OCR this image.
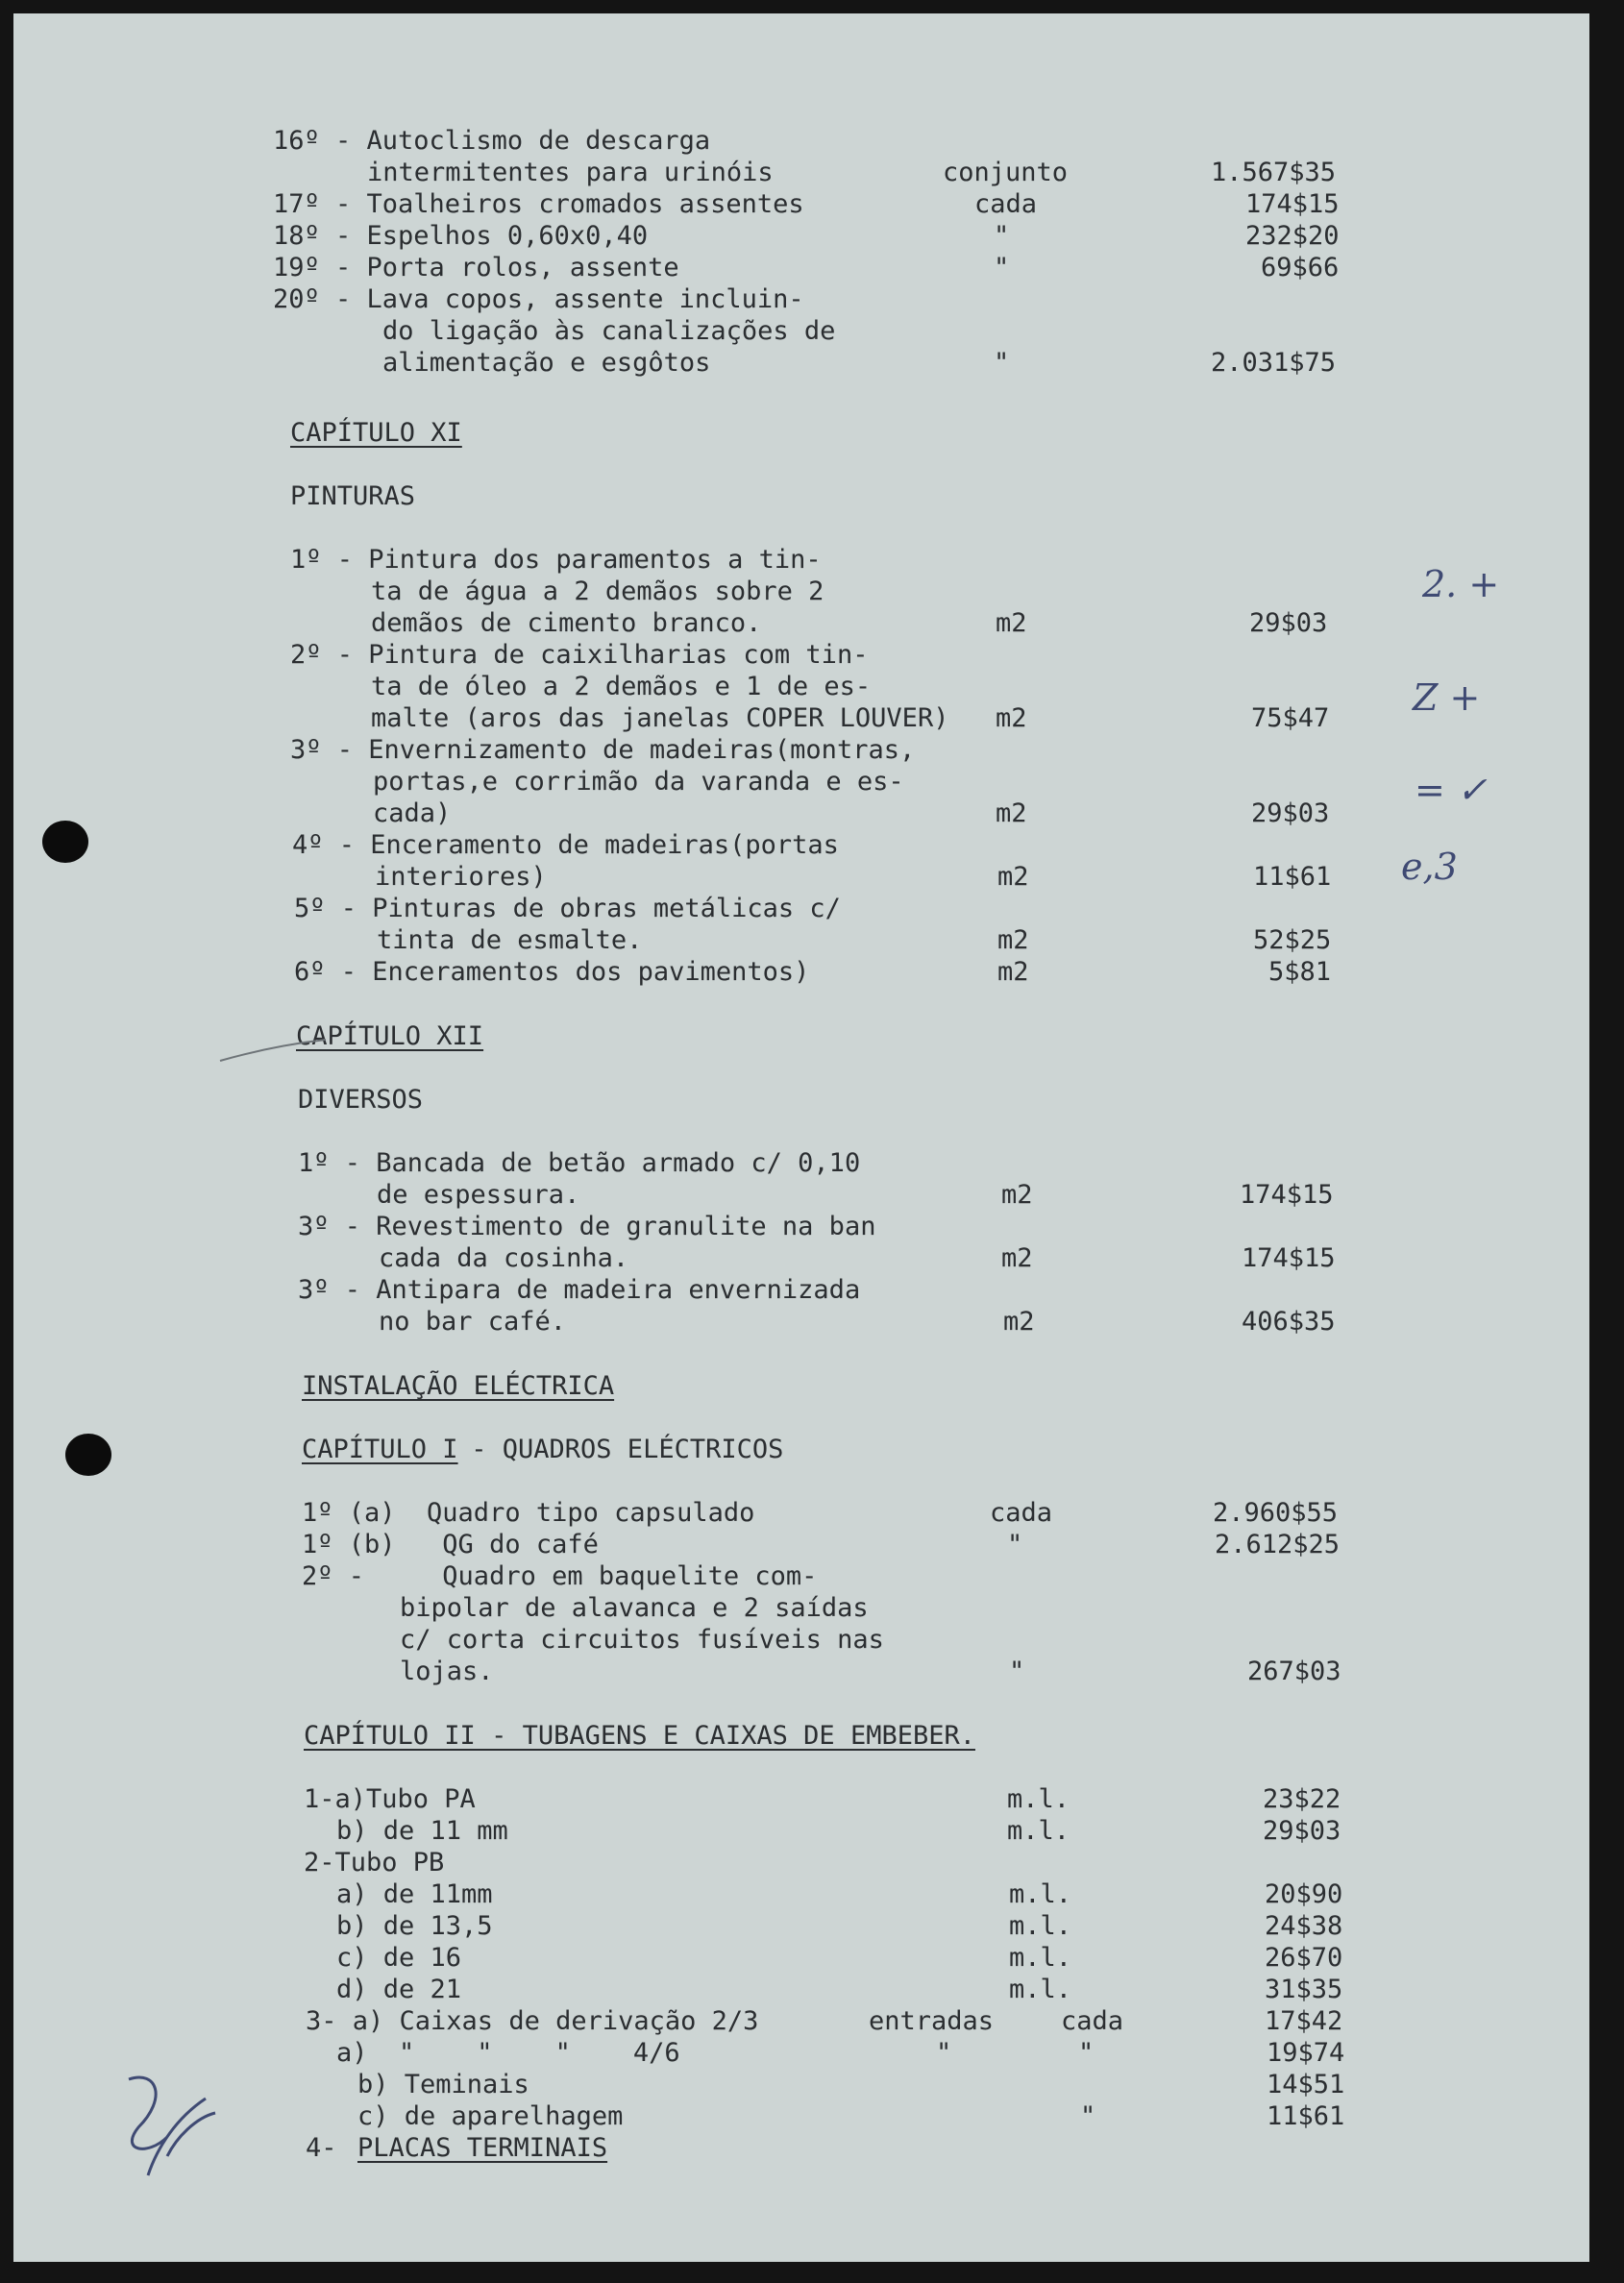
16º - Autoclismo de descarga
intermitentes para urinóis	conjunto	1.567$35
17º - Toalheiros cromados assentes	cada	174$15
18º - Espelhos 0,60x0,40	"	232$20
19º - Porta rolos, assente	"	69$66
20º - Lava copos, assente incluin-
do ligação às canalizações de
alimentação e esgôtos	"	2.031$75
CAPÍTULO XI
PINTURAS
1º - Pintura dos paramentos a tin-
ta de água a 2 demãos sobre 2
demãos de cimento branco.	m2	29$03
2º - Pintura de caixilharias com tin-
ta de óleo a 2 demãos e 1 de es-
malte (aros das janelas COPER LOUVER) m2	75$47
3º - Envernizamento de madeiras(montras,
portas,e corrimão da varanda e es-
cada)	m2	29$03
4º - Enceramento de madeiras(portas
interiores)	m2	11$61
5º - Pinturas de obras metálicas c/
tinta de esmalte.	m2	52$25
6º - Enceramentos dos pavimentos)	m2	5$81
CAPÍTULO XII
DIVERSOS
1º - Bancada de betão armado c/ 0,10
de espessura.	m2	174$15
3º - Revestimento de granulite na ban
cada da cosinha.	m2	174$15
3º - Antipara de madeira envernizada
no bar café.	m2	406$35
INSTALAÇÃO ELÉCTRICA
CAPÍTULO I
- QUADROS ELÉCTRICOS
1º (a)  Quadro tipo capsulado	cada	2.960$55
1º (b)   QG do café	"	2.612$25
2º -     Quadro em baquelite com-
bipolar de alavanca e 2 saídas
c/ corta circuitos fusíveis nas
lojas.	"	267$03
CAPÍTULO II - TUBAGENS E CAIXAS DE EMBEBER.
1-a)Tubo PA	m.l.	23$22
b) de 11 mm	m.l.	29$03
2-Tubo PB
a) de 11mm	m.l.	20$90
b) de 13,5	m.l.	24$38
c) de 16	m.l.	26$70
d) de 21	m.l.	31$35
3- a) Caixas de derivação 2/3	entradas	cada	17$42
a)  "    "    "    4/6	"	"	19$74
b) Teminais	14$51
c) de aparelhagem	"	11$61
4- PLACAS TERMINAIS
2. +
Z +
= ✓
e,3
